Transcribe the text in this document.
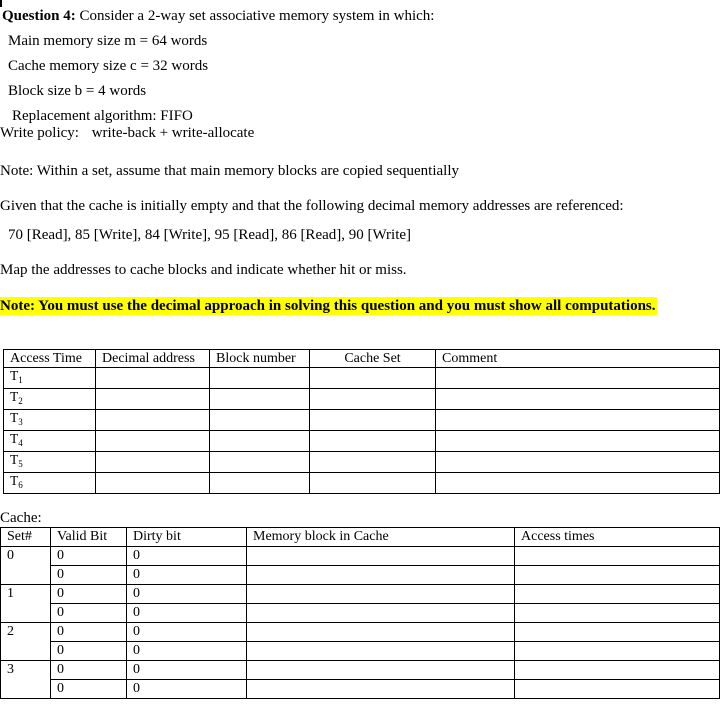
Question 4: Consider a 2-way set associative memory system in which:
Main memory size m = 64 words
Cache memory size c = 32 words
Block size b = 4 words
Replacement algorithm: FIFO
Write policy: write-back + write-allocate
Note: Within a set, assume that main memory blocks are copied sequentially
Given that the cache is initially empty and that the following decimal memory addresses are referenced:
70 [Read], 85 [Write], 84 [Write], 95 [Read], 86 [Read], 90 [Write]
Map the addresses to cache blocks and indicate whether hit or miss.
Note: You must use the decimal approach in solving this question and you must show all computations.
Access Time	Decimal address	Block number	Cache Set	Comment
$T_1$				
$T_2$				
$T_3$				
$T_4$				
$T_5$				
$T_6$				
Cache:
Set#	Valid Bit	Dirty bit	Memory block in Cache	Access times
0	0	0		
	0	0		
1	0	0		
	0	0		
2	0	0		
	0	0		
3	0	0		
	0	0		
